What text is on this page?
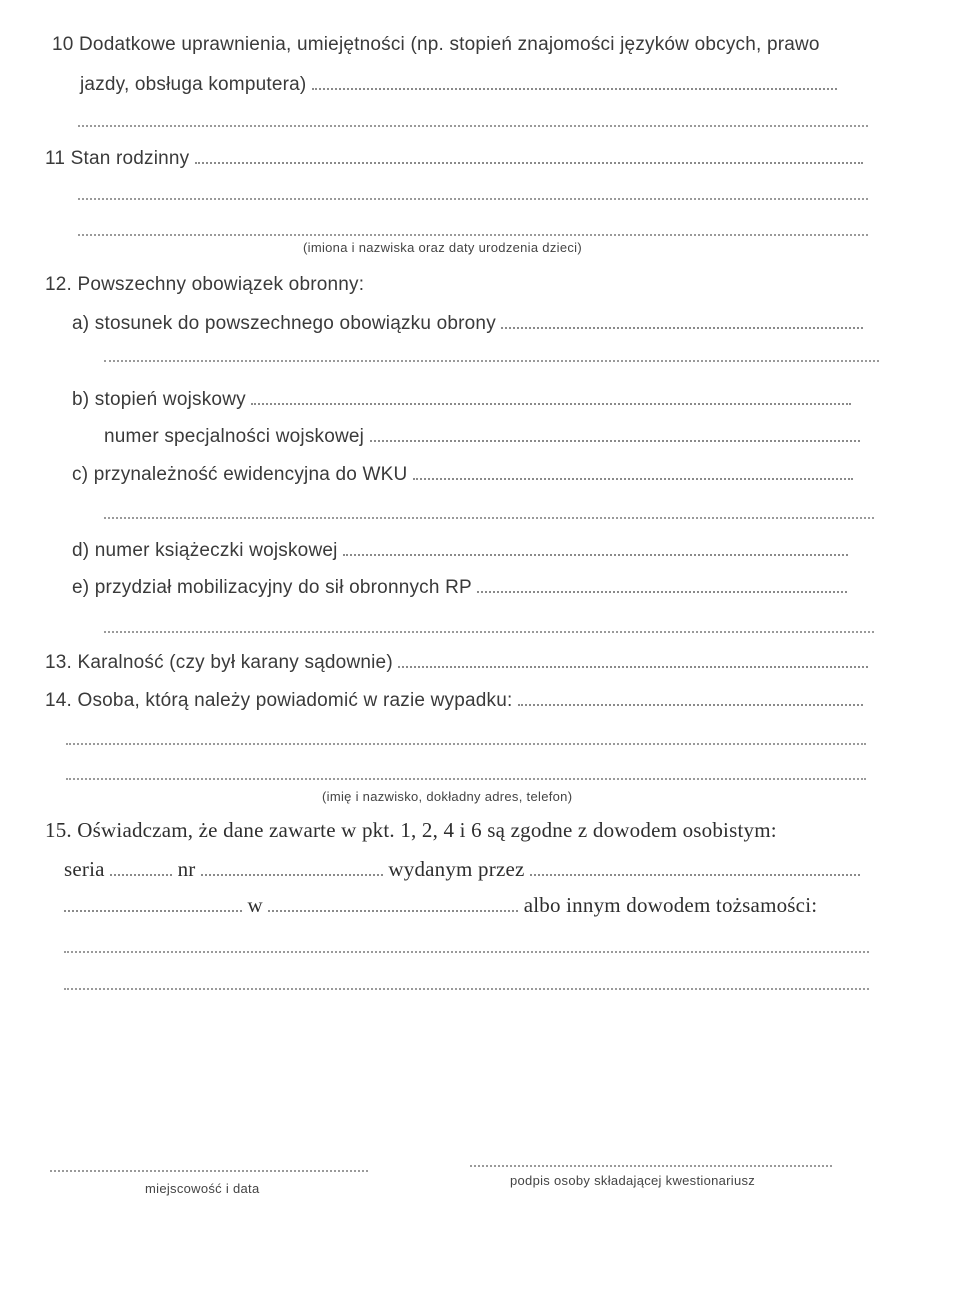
10 Dodatkowe uprawnienia, umiejętności (np. stopień znajomości języków obcych, prawo
jazdy, obsługa komputera)
11 Stan rodzinny
(imiona i nazwiska oraz daty urodzenia dzieci)
12. Powszechny obowiązek obronny:
a) stosunek do powszechnego obowiązku obrony
b) stopień wojskowy
numer specjalności wojskowej
c) przynależność ewidencyjna do WKU
d) numer książeczki wojskowej
e) przydział mobilizacyjny do sił obronnych RP
13. Karalność (czy był karany sądownie)
14. Osoba, którą należy powiadomić w razie wypadku:
(imię i nazwisko, dokładny adres, telefon)
15. Oświadczam, że dane zawarte w pkt. 1, 2, 4 i 6 są zgodne z dowodem osobistym:
seria	nr	wydanym przez
w	albo innym dowodem tożsamości:
miejscowość i data
podpis osoby składającej kwestionariusz
